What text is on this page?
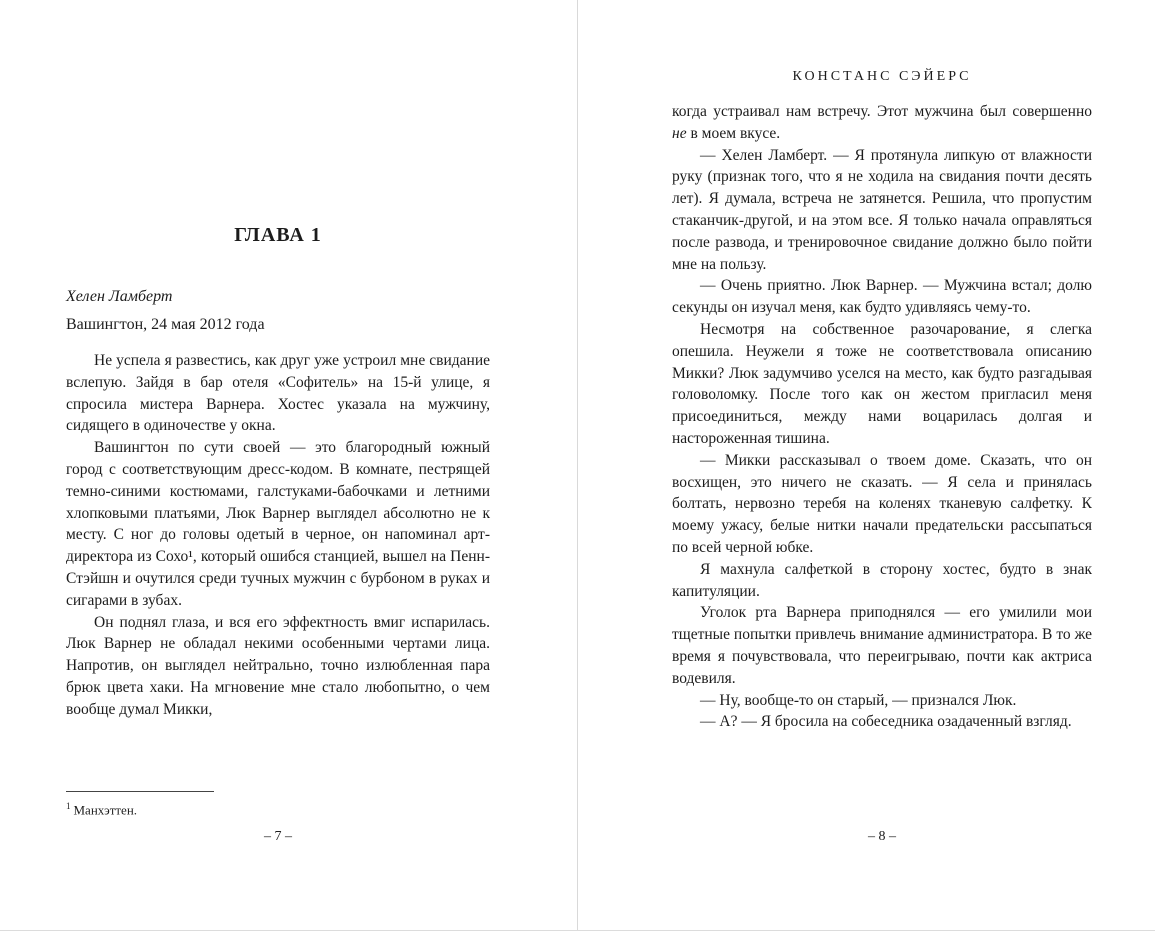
ГЛАВА 1
Хелен Ламберт
Вашингтон, 24 мая 2012 года

Не успела я развестись, как друг уже устроил мне свидание вслепую. Зайдя в бар отеля «Софитель» на 15-й улице, я спросила мистера Варнера. Хостес указала на мужчину, сидящего в одиночестве у окна.

Вашингтон по сути своей — это благородный южный город с соответствующим дресс-кодом. В комнате, пестрящей темно-синими костюмами, галстуками-бабочками и летними хлопковыми платьями, Люк Варнер выглядел абсолютно не к месту. С ног до головы одетый в черное, он напоминал арт-директора из Сохо¹, который ошибся станцией, вышел на Пенн-Стэйшн и очутился среди тучных мужчин с бурбоном в руках и сигарами в зубах.

Он поднял глаза, и вся его эффектность вмиг испарилась. Люк Варнер не обладал некими особенными чертами лица. Напротив, он выглядел нейтрально, точно излюбленная пара брюк цвета хаки. На мгновение мне стало любопытно, о чем вообще думал Микки,

$^1$ Манхэттен.
– 7 –
КОНСТАНС СЭЙЕРС

когда устраивал нам встречу. Этот мужчина был совершенно не в моем вкусе.

— Хелен Ламберт. — Я протянула липкую от влажности руку (признак того, что я не ходила на свидания почти десять лет). Я думала, встреча не затянется. Решила, что пропустим стаканчик-другой, и на этом все. Я только начала оправляться после развода, и тренировочное свидание должно было пойти мне на пользу.

— Очень приятно. Люк Варнер. — Мужчина встал; долю секунды он изучал меня, как будто удивляясь чему-то.

Несмотря на собственное разочарование, я слегка опешила. Неужели я тоже не соответствовала описанию Микки? Люк задумчиво уселся на место, как будто разгадывая головоломку. После того как он жестом пригласил меня присоединиться, между нами воцарилась долгая и настороженная тишина.

— Микки рассказывал о твоем доме. Сказать, что он восхищен, это ничего не сказать. — Я села и принялась болтать, нервозно теребя на коленях тканевую салфетку. К моему ужасу, белые нитки начали предательски рассыпаться по всей черной юбке.

Я махнула салфеткой в сторону хостес, будто в знак капитуляции.

Уголок рта Варнера приподнялся — его умилили мои тщетные попытки привлечь внимание администратора. В то же время я почувствовала, что переигрываю, почти как актриса водевиля.

— Ну, вообще-то он старый, — признался Люк.

— А? — Я бросила на собеседника озадаченный взгляд.

– 8 –
